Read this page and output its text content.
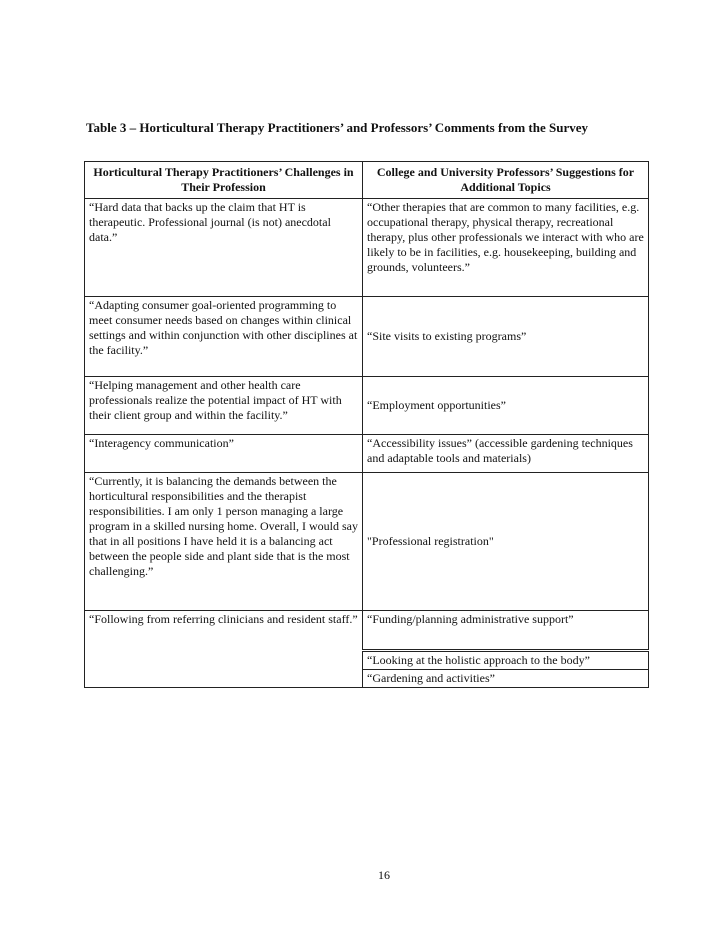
Table 3 – Horticultural Therapy Practitioners’ and Professors’ Comments from the Survey
Horticultural Therapy Practitioners’ Challenges in Their Profession	College and University Professors’ Suggestions for Additional Topics
“Hard data that backs up the claim that HT is therapeutic. Professional journal (is not) anecdotal data.”	“Other therapies that are common to many facilities, e.g. occupational therapy, physical therapy, recreational therapy, plus other professionals we interact with who are likely to be in facilities, e.g. housekeeping, building and grounds, volunteers.”
“Adapting consumer goal-oriented programming to meet consumer needs based on changes within clinical settings and within conjunction with other disciplines at the facility.”	“Site visits to existing programs”
“Helping management and other health care professionals realize the potential impact of HT with their client group and within the facility.”	“Employment opportunities”
“Interagency communication”	“Accessibility issues” (accessible gardening techniques and adaptable tools and materials)
“Currently, it is balancing the demands between the horticultural responsibilities and the therapist responsibilities. I am only 1 person managing a large program in a skilled nursing home. Overall, I would say that in all positions I have held it is a balancing act between the people side and plant side that is the most challenging.”	"Professional registration"
“Following from referring clinicians and resident staff.”	“Funding/planning administrative support”
	“Looking at the holistic approach to the body”
	“Gardening and activities”
16
